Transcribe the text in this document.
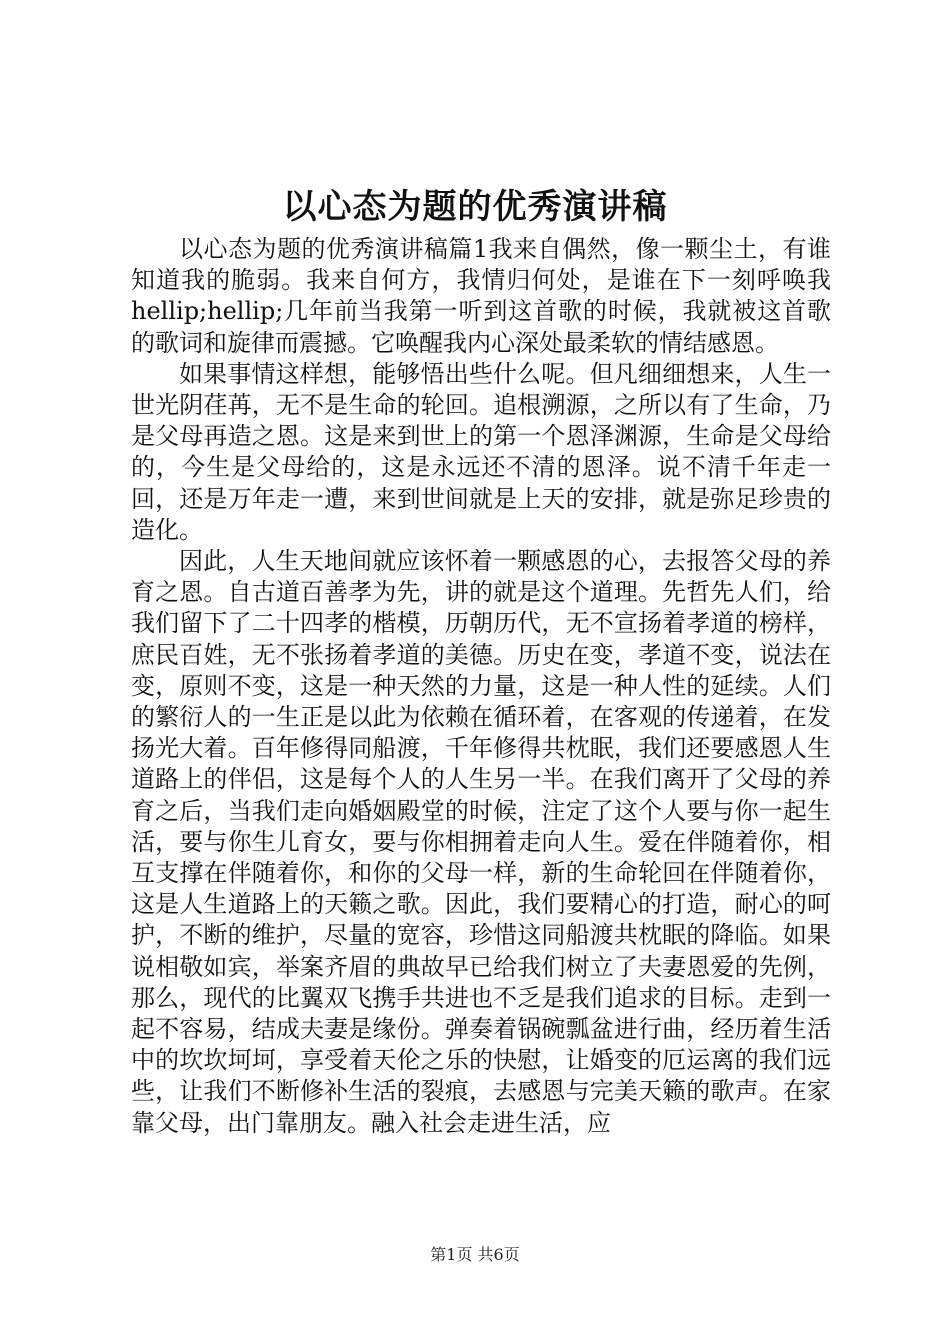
以心态为题的优秀演讲稿

以心态为题的优秀演讲稿篇1我来自偶然，像一颗尘土，有谁知道我的脆弱。我来自何方，我情归何处，是谁在下一刻呼唤我hellip;hellip;几年前当我第一听到这首歌的时候，我就被这首歌的歌词和旋律而震撼。它唤醒我内心深处最柔软的情结感恩。

如果事情这样想，能够悟出些什么呢。但凡细细想来，人生一世光阴荏苒，无不是生命的轮回。追根溯源，之所以有了生命，乃是父母再造之恩。这是来到世上的第一个恩泽渊源，生命是父母给的，今生是父母给的，这是永远还不清的恩泽。说不清千年走一回，还是万年走一遭，来到世间就是上天的安排，就是弥足珍贵的造化。

因此，人生天地间就应该怀着一颗感恩的心，去报答父母的养育之恩。自古道百善孝为先，讲的就是这个道理。先哲先人们，给我们留下了二十四孝的楷模，历朝历代，无不宣扬着孝道的榜样，庶民百姓，无不张扬着孝道的美德。历史在变，孝道不变，说法在变，原则不变，这是一种天然的力量，这是一种人性的延续。人们的繁衍人的一生正是以此为依赖在循环着，在客观的传递着，在发扬光大着。百年修得同船渡，千年修得共枕眠，我们还要感恩人生道路上的伴侣，这是每个人的人生另一半。在我们离开了父母的养育之后，当我们走向婚姻殿堂的时候，注定了这个人要与你一起生活，要与你生儿育女，要与你相拥着走向人生。爱在伴随着你，相互支撑在伴随着你，和你的父母一样，新的生命轮回在伴随着你，这是人生道路上的天籁之歌。因此，我们要精心的打造，耐心的呵护，不断的维护，尽量的宽容，珍惜这同船渡共枕眠的降临。如果说相敬如宾，举案齐眉的典故早已给我们树立了夫妻恩爱的先例，那么，现代的比翼双飞携手共进也不乏是我们追求的目标。走到一起不容易，结成夫妻是缘份。弹奏着锅碗瓢盆进行曲，经历着生活中的坎坎坷坷，享受着天伦之乐的快慰，让婚变的厄运离的我们远些，让我们不断修补生活的裂痕，去感恩与完美天籁的歌声。在家靠父母，出门靠朋友。融入社会走进生活，应

第1页 共6页
